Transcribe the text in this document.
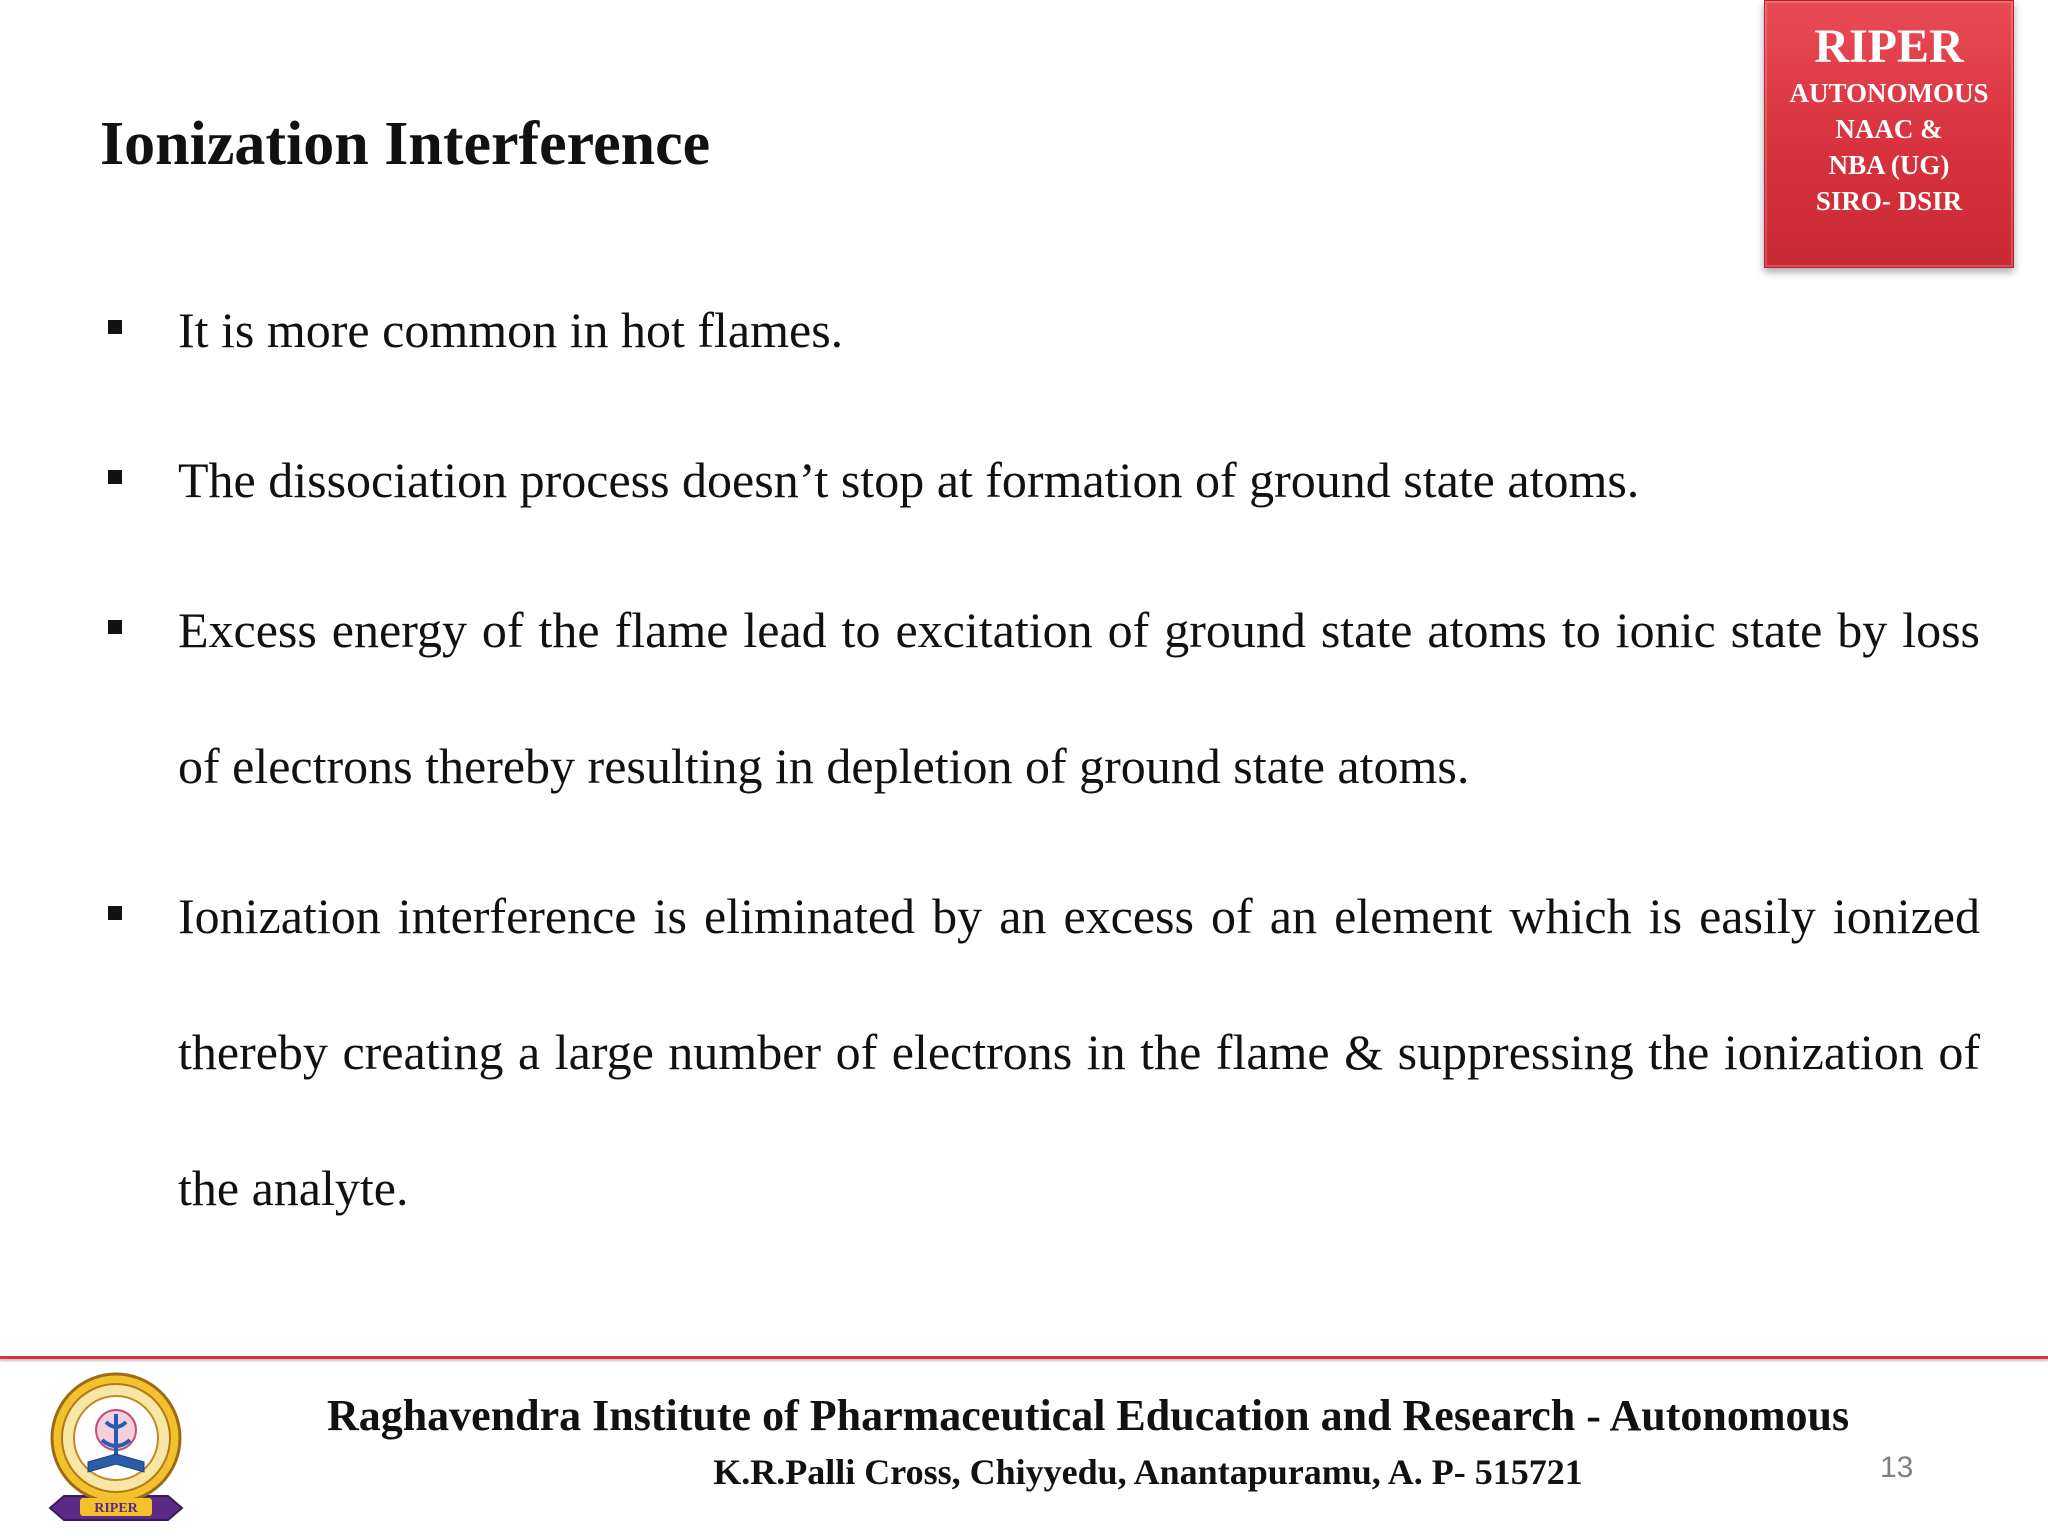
RIPER
AUTONOMOUS
NAAC &
NBA (UG)
SIRO- DSIR
Ionization Interference
It is more common in hot flames.
The dissociation process doesn’t stop at formation of ground state atoms.
Excess energy of the flame lead to excitation of ground state atoms to ionic state by loss of electrons thereby resulting in depletion of ground state atoms.
Ionization interference is eliminated by an excess of an element which is easily ionized thereby creating a large number of electrons in the flame & suppressing the ionization of the analyte.
RIPER
Raghavendra Institute of Pharmaceutical Education and Research - Autonomous
K.R.Palli Cross, Chiyyedu, Anantapuramu, A. P- 515721	13
